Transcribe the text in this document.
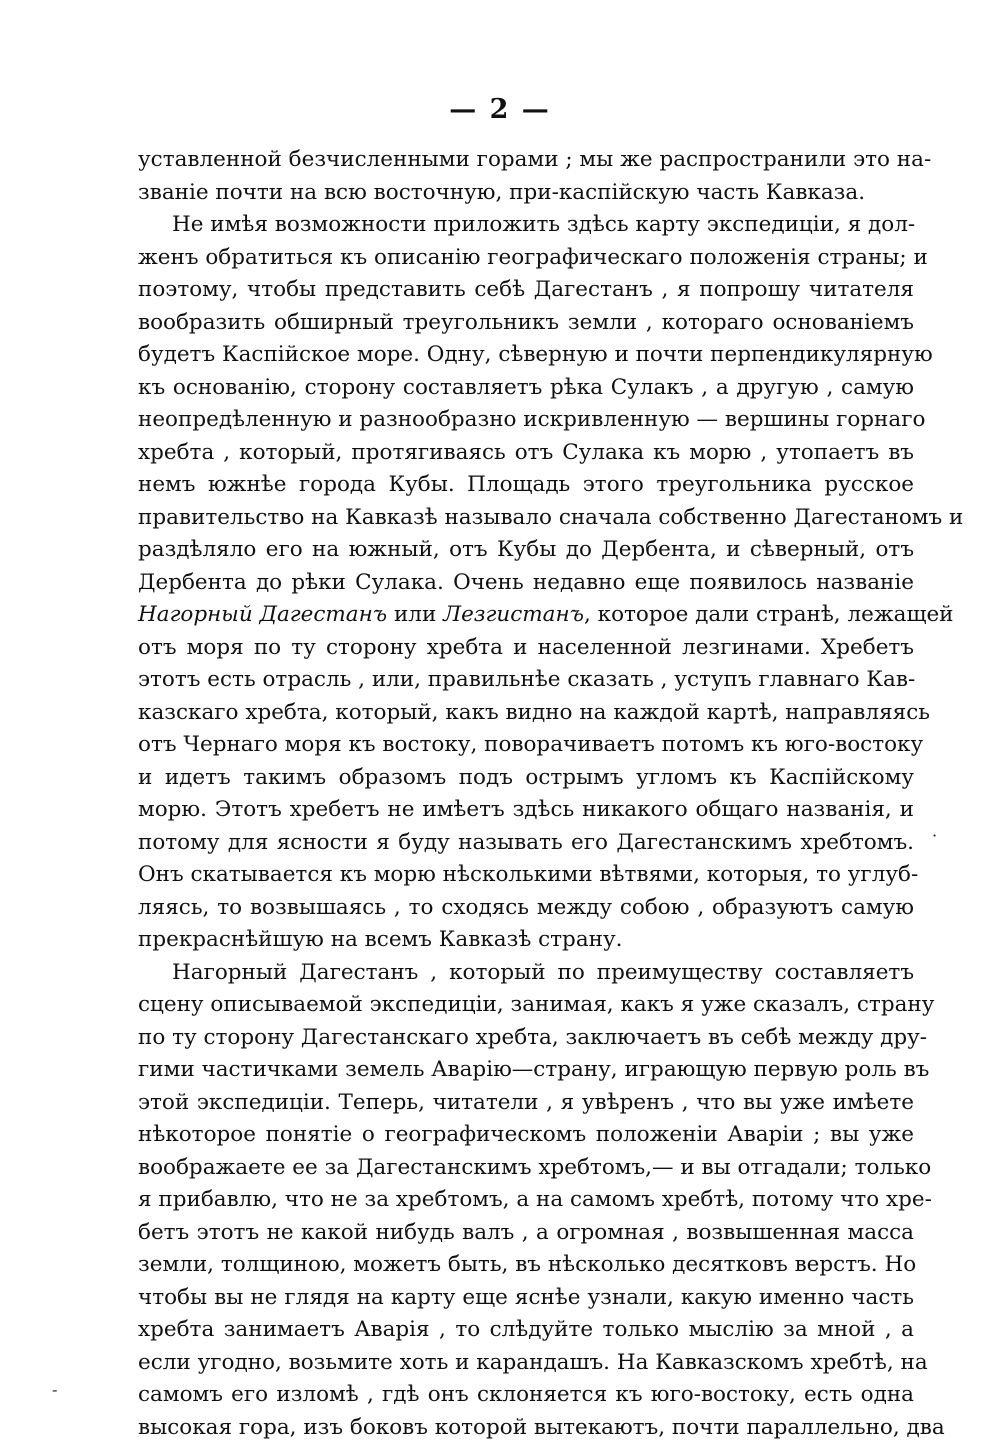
— 2 —
уставленной безчисленными горами ; мы же распространили это на-
званіе почти на всю восточную, при-каспійскую часть Кавказа.
Не имѣя возможности приложить здѣсь карту экспедиціи, я дол-
женъ обратиться къ описанію географическаго положенія страны; и
поэтому, чтобы представить себѣ Дагестанъ , я попрошу читателя
вообразить обширный треугольникъ земли , котораго основаніемъ
будетъ Каспійское море. Одну, сѣверную и почти перпендикулярную
къ основанію, сторону составляетъ рѣка Сулакъ , а другую , самую
неопредѣленную и разнообразно искривленную — вершины горнаго
хребта , который, протягиваясь отъ Сулака къ морю , утопаетъ въ
немъ южнѣе города Кубы. Площадь этого треугольника русское
правительство на Кавказѣ называло сначала собственно Дагестаномъ и
раздѣляло его на южный, отъ Кубы до Дербента, и сѣверный, отъ
Дербента до рѣки Сулака. Очень недавно еще появилось названіе
Нагорный Дагестанъ или Лезгистанъ, которое дали странѣ, лежащей
отъ моря по ту сторону хребта и населенной лезгинами. Хребетъ
этотъ есть отрасль , или, правильнѣе сказать , уступъ главнаго Кав-
казскаго хребта, который, какъ видно на каждой картѣ, направляясь
отъ Чернаго моря къ востоку, поворачиваетъ потомъ къ юго-востоку
и идетъ такимъ образомъ подъ острымъ угломъ къ Каспійскому
морю. Этотъ хребетъ не имѣетъ здѣсь никакого общаго названія, и
потому для ясности я буду называть его Дагестанскимъ хребтомъ.
Онъ скатывается къ морю нѣсколькими вѣтвями, которыя, то углуб-
ляясь, то возвышаясь , то сходясь между собою , образуютъ самую
прекраснѣйшую на всемъ Кавказѣ страну.
Нагорный Дагестанъ , который по преимуществу составляетъ
сцену описываемой экспедиціи, занимая, какъ я уже сказалъ, страну
по ту сторону Дагестанскаго хребта, заключаетъ въ себѣ между дру-
гими частичками земель Аварію—страну, играющую первую роль въ
этой экспедиціи. Теперь, читатели , я увѣренъ , что вы уже имѣете
нѣкоторое понятіе о географическомъ положеніи Аваріи ; вы уже
воображаете ее за Дагестанскимъ хребтомъ,— и вы отгадали; только
я прибавлю, что не за хребтомъ, а на самомъ хребтѣ, потому что хре-
бетъ этотъ не какой нибудь валъ , а огромная , возвышенная масса
земли, толщиною, можетъ быть, въ нѣсколько десятковъ верстъ. Но
чтобы вы не глядя на карту еще яснѣе узнали, какую именно часть
хребта занимаетъ Аварія , то слѣдуйте только мыслію за мной , а
если угодно, возьмите хоть и карандашъ. На Кавказскомъ хребтѣ, на
самомъ его изломѣ , гдѣ онъ склоняется къ юго-востоку, есть одна
высокая гора, изъ боковъ которой вытекаютъ, почти параллельно, два
·
-
